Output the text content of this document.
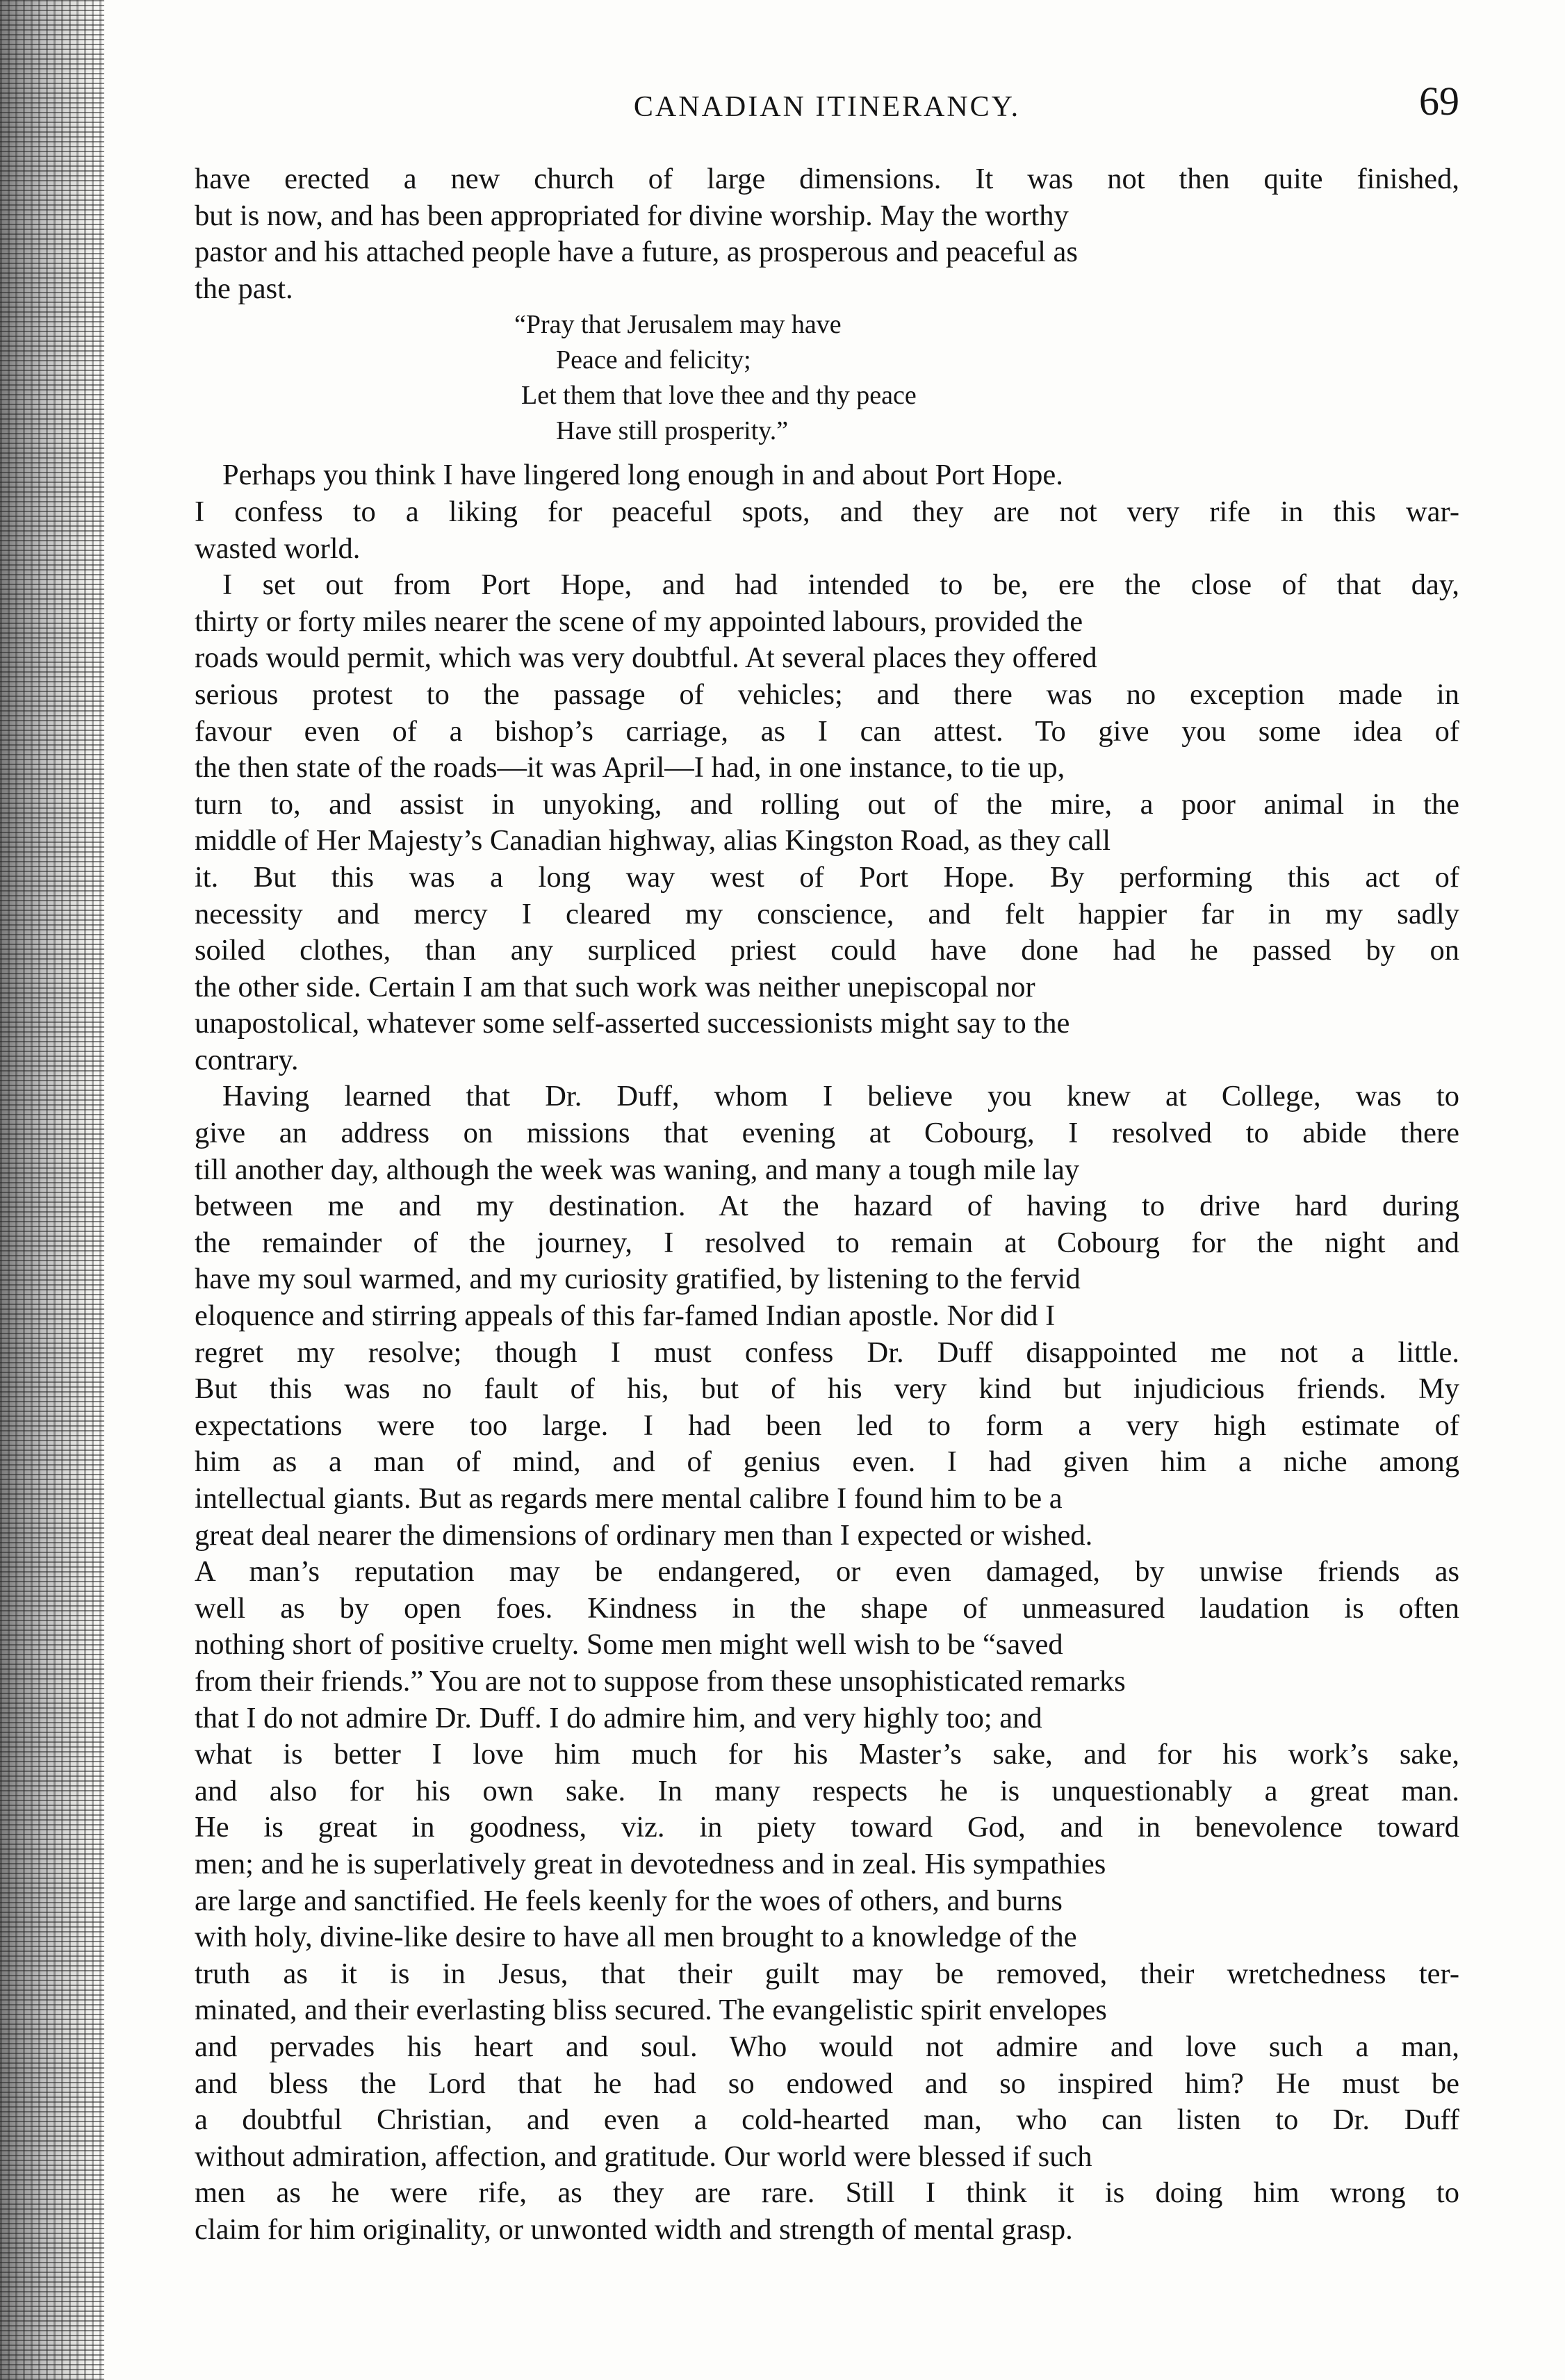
CANADIAN ITINERANCY.	69
have erected a new church of large dimensions. It was not then quite finished,
but is now, and has been appropriated for divine worship. May the worthy
pastor and his attached people have a future, as prosperous and peaceful as
the past.
“Pray that Jerusalem may have
Peace and felicity;
Let them that love thee and thy peace
Have still prosperity.”
Perhaps you think I have lingered long enough in and about Port Hope.
I confess to a liking for peaceful spots, and they are not very rife in this war-
wasted world.
I set out from Port Hope, and had intended to be, ere the close of that day,
thirty or forty miles nearer the scene of my appointed labours, provided the
roads would permit, which was very doubtful. At several places they offered
serious protest to the passage of vehicles; and there was no exception made in
favour even of a bishop’s carriage, as I can attest. To give you some idea of
the then state of the roads—it was April—I had, in one instance, to tie up,
turn to, and assist in unyoking, and rolling out of the mire, a poor animal in the
middle of Her Majesty’s Canadian highway, alias Kingston Road, as they call
it. But this was a long way west of Port Hope. By performing this act of
necessity and mercy I cleared my conscience, and felt happier far in my sadly
soiled clothes, than any surpliced priest could have done had he passed by on
the other side. Certain I am that such work was neither unepiscopal nor
unapostolical, whatever some self-asserted successionists might say to the
contrary.
Having learned that Dr. Duff, whom I believe you knew at College, was to
give an address on missions that evening at Cobourg, I resolved to abide there
till another day, although the week was waning, and many a tough mile lay
between me and my destination. At the hazard of having to drive hard during
the remainder of the journey, I resolved to remain at Cobourg for the night and
have my soul warmed, and my curiosity gratified, by listening to the fervid
eloquence and stirring appeals of this far-famed Indian apostle. Nor did I
regret my resolve; though I must confess Dr. Duff disappointed me not a little.
But this was no fault of his, but of his very kind but injudicious friends. My
expectations were too large. I had been led to form a very high estimate of
him as a man of mind, and of genius even. I had given him a niche among
intellectual giants. But as regards mere mental calibre I found him to be a
great deal nearer the dimensions of ordinary men than I expected or wished.
A man’s reputation may be endangered, or even damaged, by unwise friends as
well as by open foes. Kindness in the shape of unmeasured laudation is often
nothing short of positive cruelty. Some men might well wish to be “saved
from their friends.” You are not to suppose from these unsophisticated remarks
that I do not admire Dr. Duff. I do admire him, and very highly too; and
what is better I love him much for his Master’s sake, and for his work’s sake,
and also for his own sake. In many respects he is unquestionably a great man.
He is great in goodness, viz. in piety toward God, and in benevolence toward
men; and he is superlatively great in devotedness and in zeal. His sympathies
are large and sanctified. He feels keenly for the woes of others, and burns
with holy, divine-like desire to have all men brought to a knowledge of the
truth as it is in Jesus, that their guilt may be removed, their wretchedness ter-
minated, and their everlasting bliss secured. The evangelistic spirit envelopes
and pervades his heart and soul. Who would not admire and love such a man,
and bless the Lord that he had so endowed and so inspired him? He must be
a doubtful Christian, and even a cold-hearted man, who can listen to Dr. Duff
without admiration, affection, and gratitude. Our world were blessed if such
men as he were rife, as they are rare. Still I think it is doing him wrong to
claim for him originality, or unwonted width and strength of mental grasp.
